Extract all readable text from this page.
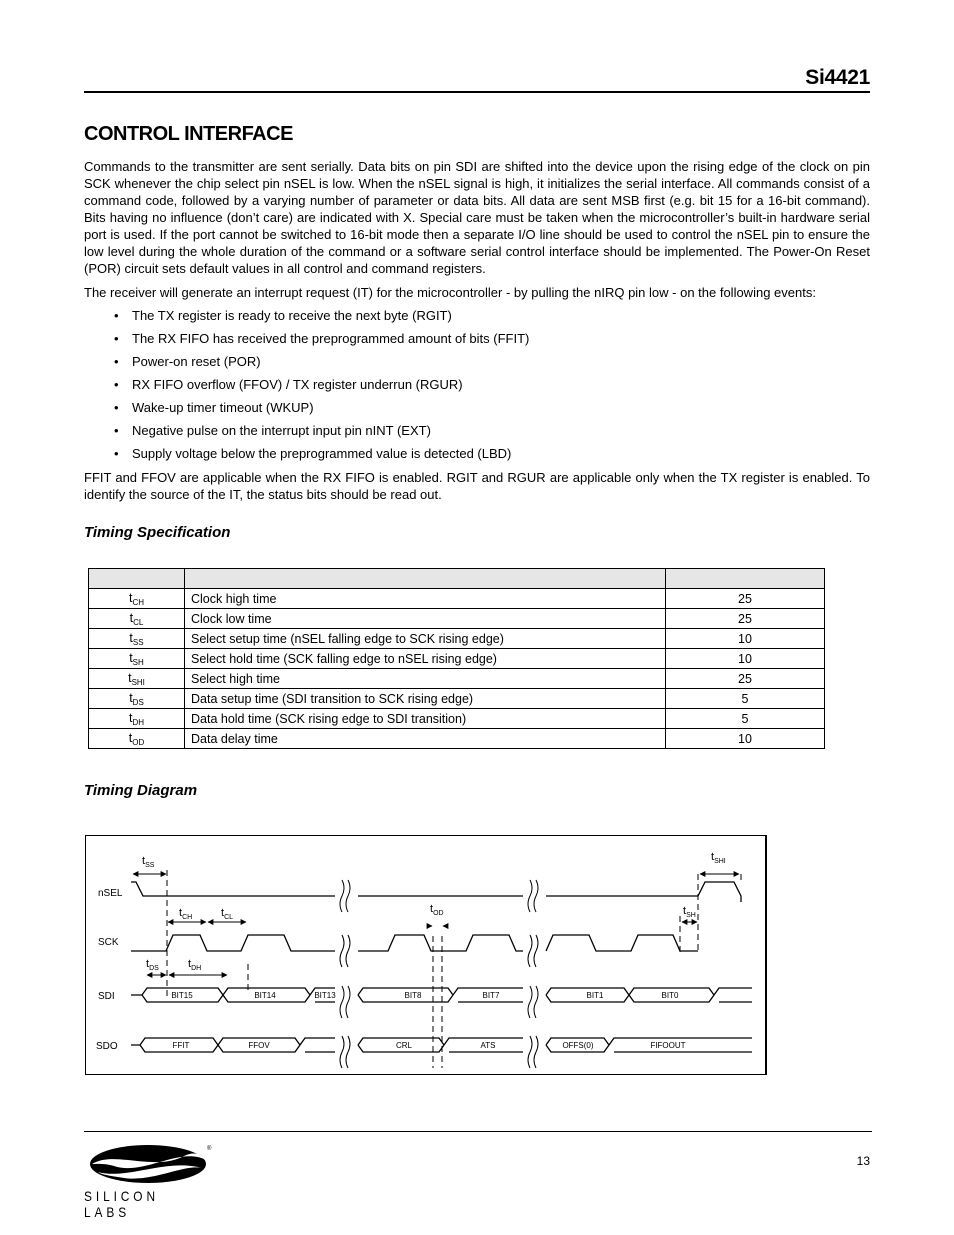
Si4421
CONTROL INTERFACE
Commands to the transmitter are sent serially. Data bits on pin SDI are shifted into the device upon the rising edge of the clock on pin SCK whenever the chip select pin nSEL is low. When the nSEL signal is high, it initializes the serial interface. All commands consist of a command code, followed by a varying number of parameter or data bits. All data are sent MSB first (e.g. bit 15 for a 16-bit command). Bits having no influence (don’t care) are indicated with X. Special care must be taken when the microcontroller’s built-in hardware serial port is used. If the port cannot be switched to 16-bit mode then a separate I/O line should be used to control the nSEL pin to ensure the low level during the whole duration of the command or a software serial control interface should be implemented. The Power-On Reset (POR) circuit sets default values in all control and command registers.
The receiver will generate an interrupt request (IT) for the microcontroller - by pulling the nIRQ pin low - on the following events:
• The TX register is ready to receive the next byte (RGIT)
• The RX FIFO has received the preprogrammed amount of bits (FFIT)
• Power-on reset (POR)
• RX FIFO overflow (FFOV) / TX register underrun (RGUR)
• Wake-up timer timeout (WKUP)
• Negative pulse on the interrupt input pin nINT (EXT)
• Supply voltage below the preprogrammed value is detected (LBD)
FFIT and FFOV are applicable when the RX FIFO is enabled. RGIT and RGUR are applicable only when the TX register is enabled. To identify the source of the IT, the status bits should be read out.
Timing Specification

$t_{CH}$	Clock high time	25
$t_{CL}$	Clock low time	25
$t_{SS}$	Select setup time (nSEL falling edge to SCK rising edge)	10
$t_{SH}$	Select hold time (SCK falling edge to nSEL rising edge)	10
$t_{SHI}$	Select high time	25
$t_{DS}$	Data setup time (SDI transition to SCK rising edge)	5
$t_{DH}$	Data hold time (SCK rising edge to SDI transition)	5
$t_{OD}$	Data delay time	10
Timing Diagram
nSEL
SCK
SDI
SDO
BIT15	BIT14	BIT13	BIT8	BIT7	BIT1	BIT0
FFIT	FFOV	CRL	ATS	OFFS(0)	FIFOOUT
$t_{SS}$
$t_{SHI}$
$t_{CH}$	$t_{CL}$
$t_{OD}$	$t_{SH}$
$t_{DS}$	$t_{DH}$
®
SILICON LABS
13
